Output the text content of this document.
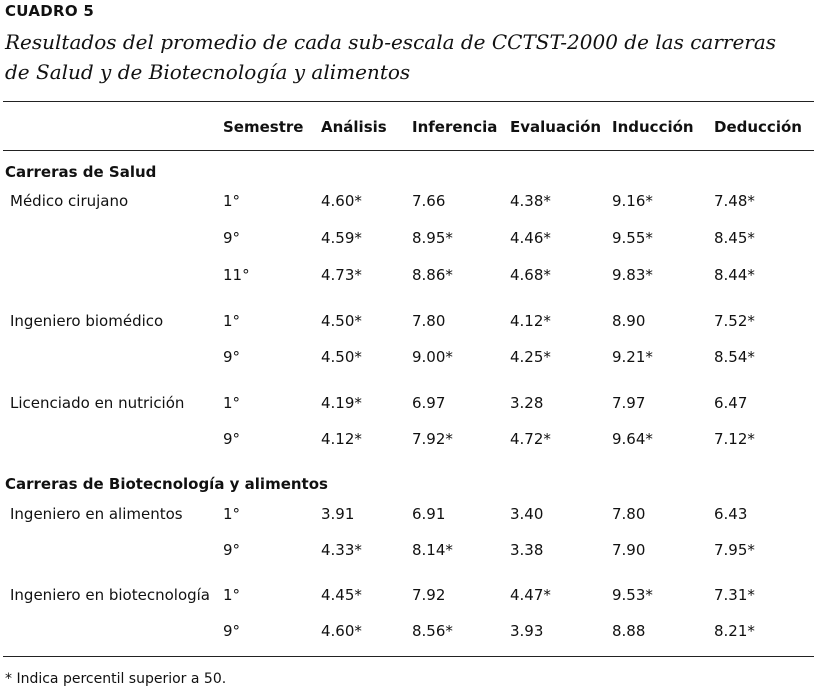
CUADRO 5
Resultados del promedio de cada sub-escala de CCTST-2000 de las carreras
de Salud y de Biotecnología y alimentos
Semestre Análisis Inferencia Evaluación Inducción Deducción
Carreras de Salud
Médico cirujano	1°	4.60*	7.66	4.38*	9.16*	7.48*
9°	4.59*	8.95*	4.46*	9.55*	8.45*
11°	4.73*	8.86*	4.68*	9.83*	8.44*
Ingeniero biomédico	1°	4.50*	7.80	4.12*	8.90	7.52*
9°	4.50*	9.00*	4.25*	9.21*	8.54*
Licenciado en nutrición	1°	4.19*	6.97	3.28	7.97	6.47
9°	4.12*	7.92*	4.72*	9.64*	7.12*
Carreras de Biotecnología y alimentos
Ingeniero en alimentos	1°	3.91	6.91	3.40	7.80	6.43
9°	4.33*	8.14*	3.38	7.90	7.95*
Ingeniero en biotecnología 1°	4.45*	7.92	4.47*	9.53*	7.31*
9°	4.60*	8.56*	3.93	8.88	8.21*
* Indica percentil superior a 50.
